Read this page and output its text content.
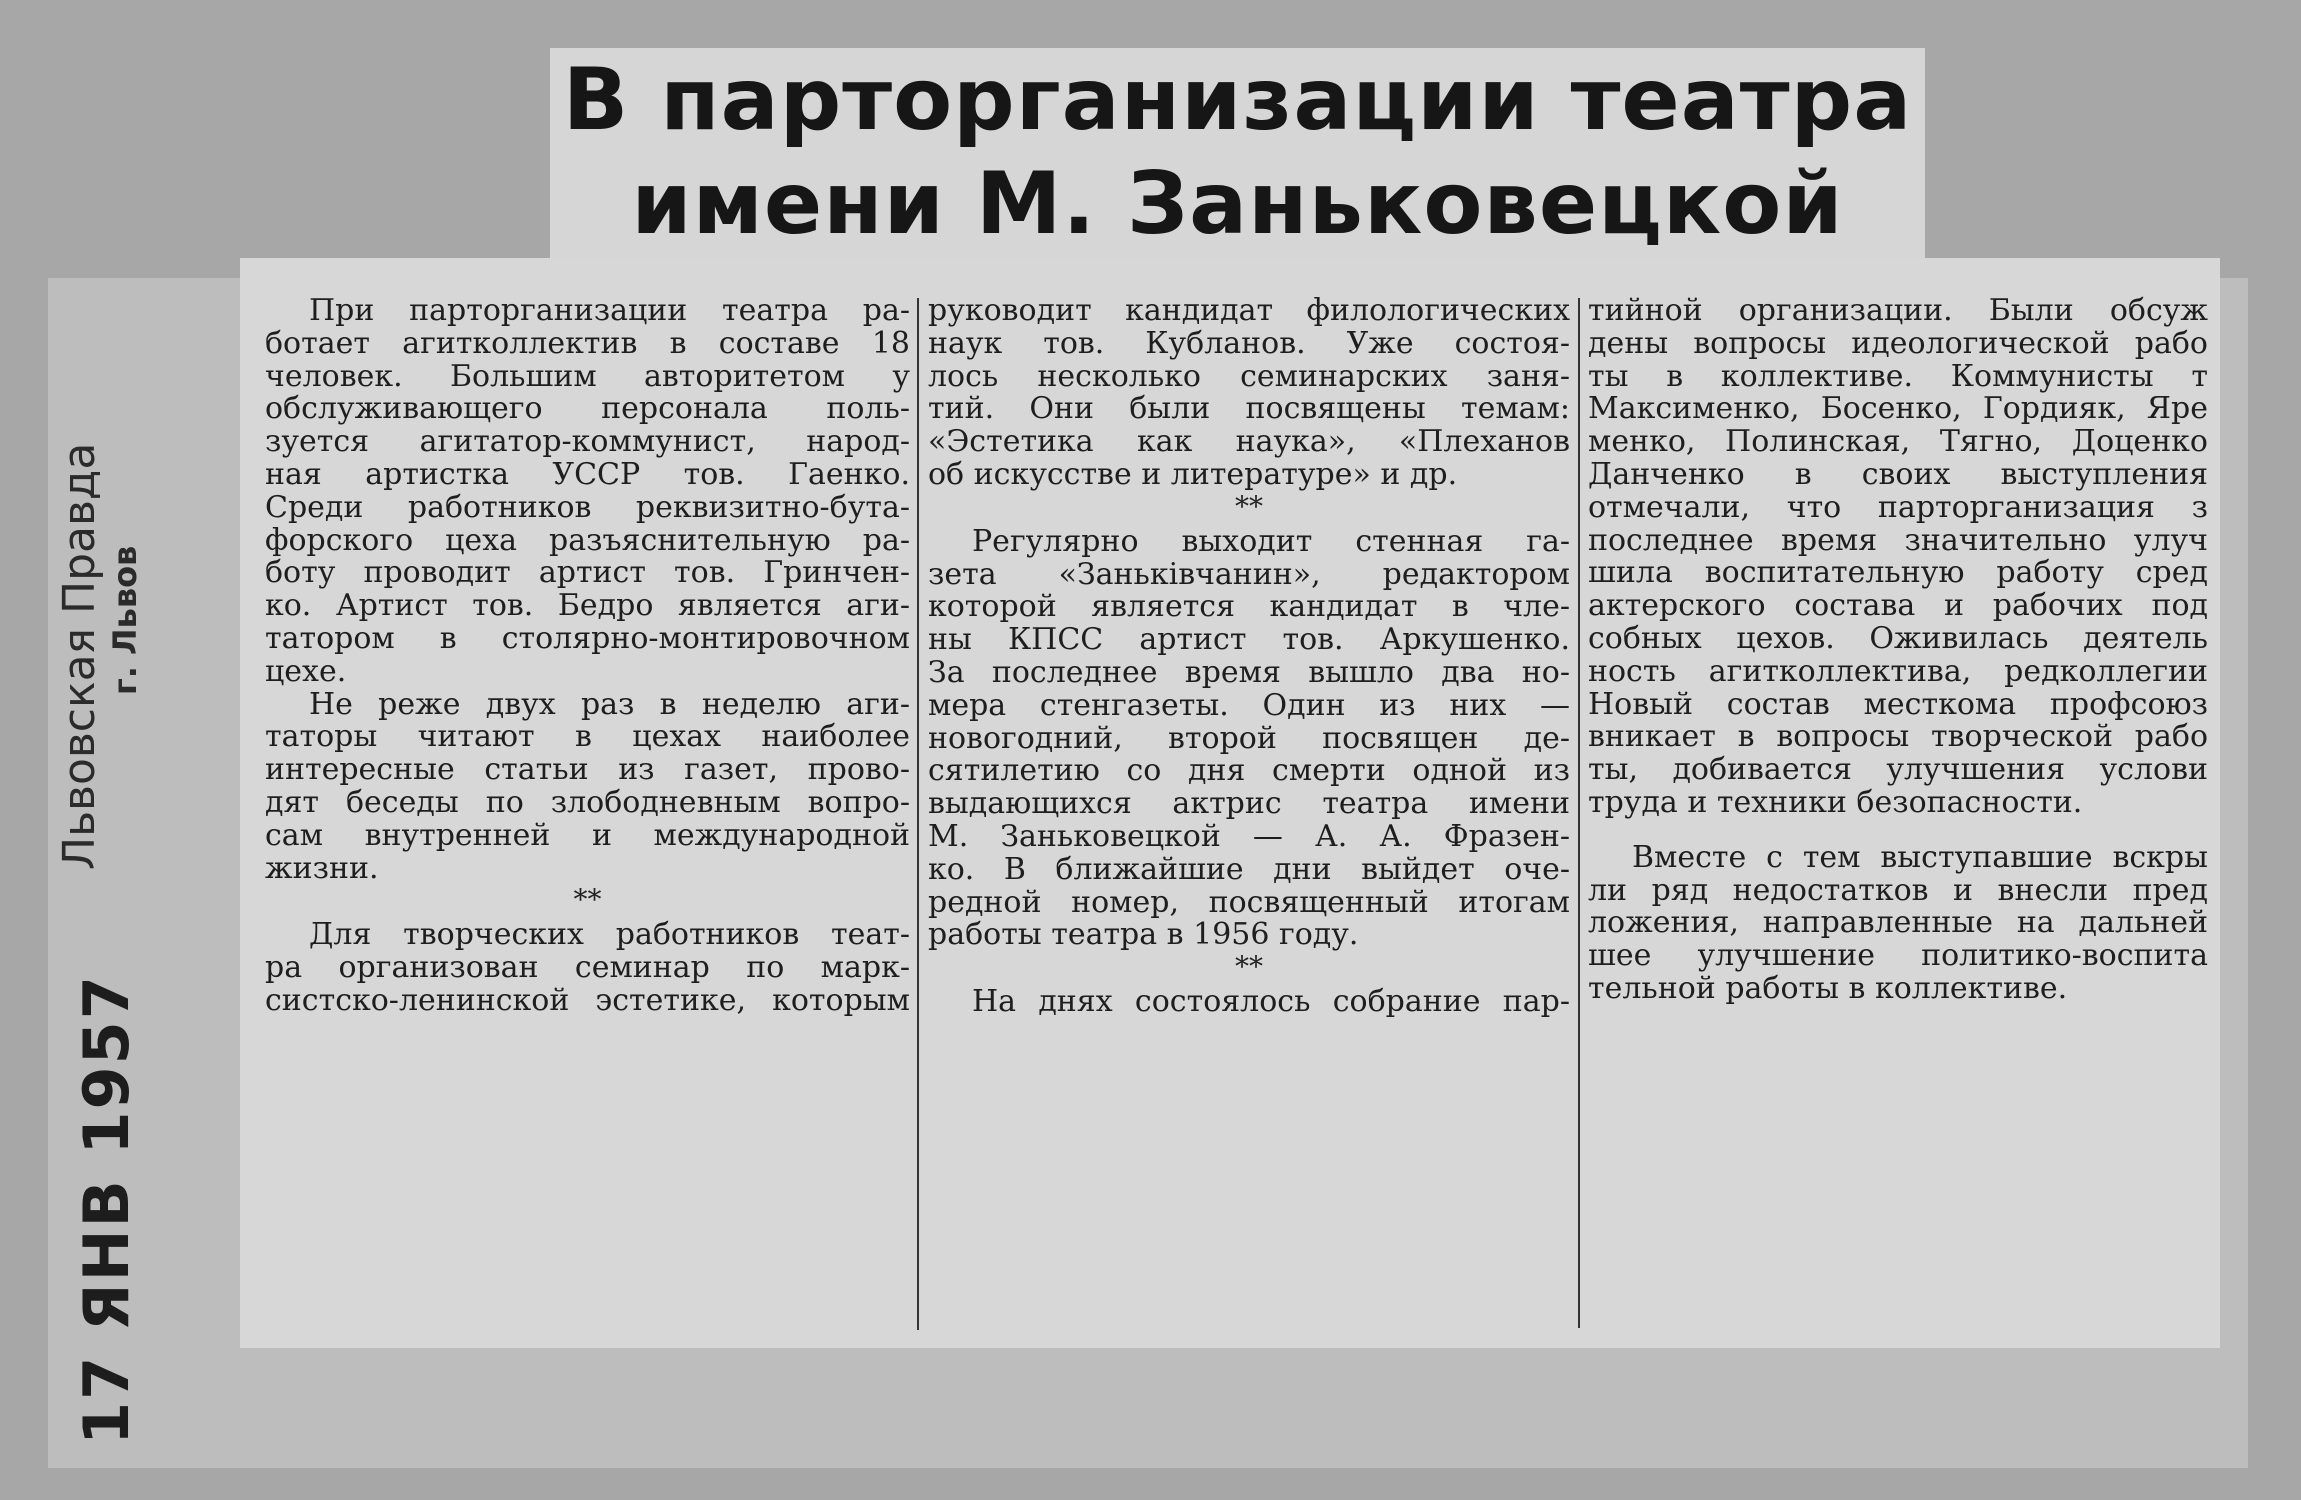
В парторганизации театра
имени М. Заньковецкой
Львовская Правда г. Львов
17 ЯНВ 1957
При парторганизации театра ра-
ботает агитколлектив в составе 18
человек. Большим авторитетом у
обслуживающего персонала поль-
зуется агитатор-коммунист, народ-
ная артистка УССР тов. Гаенко.
Среди работников реквизитно-бута-
форского цеха разъяснительную ра-
боту проводит артист тов. Гринчен-
ко. Артист тов. Бедро является аги-
татором в столярно-монтировочном
цехе.
Не реже двух раз в неделю аги-
таторы читают в цехах наиболее
интересные статьи из газет, прово-
дят беседы по злободневным вопро-
сам внутренней и международной
жизни.
**
Для творческих работников теат-
ра организован семинар по марк-
систско-ленинской эстетике, которым
руководит кандидат филологических
наук тов. Кубланов. Уже состоя-
лось несколько семинарских заня-
тий. Они были посвящены темам:
«Эстетика как наука», «Плеханов
об искусстве и литературе» и др.
**
Регулярно выходит стенная га-
зета «Заньківчанин», редактором
которой является кандидат в чле-
ны КПСС артист тов. Аркушенко.
За последнее время вышло два но-
мера стенгазеты. Один из них —
новогодний, второй посвящен де-
сятилетию со дня смерти одной из
выдающихся актрис театра имени
М. Заньковецкой — А. А. Фразен-
ко. В ближайшие дни выйдет оче-
редной номер, посвященный итогам
работы театра в 1956 году.
**
На днях состоялось собрание пар-
тийной организации. Были обсуж
дены вопросы идеологической рабо
ты в коллективе. Коммунисты т
Максименко, Босенко, Гордияк, Яре
менко, Полинская, Тягно, Доценко
Данченко в своих выступления
отмечали, что парторганизация з
последнее время значительно улуч
шила воспитательную работу сред
актерского состава и рабочих под
собных цехов. Оживилась деятель
ность агитколлектива, редколлегии
Новый состав месткома профсоюз
вникает в вопросы творческой рабо
ты, добивается улучшения услови
труда и техники безопасности.
Вместе с тем выступавшие вскры
ли ряд недостатков и внесли пред
ложения, направленные на дальней
шее улучшение политико-воспита
тельной работы в коллективе.
